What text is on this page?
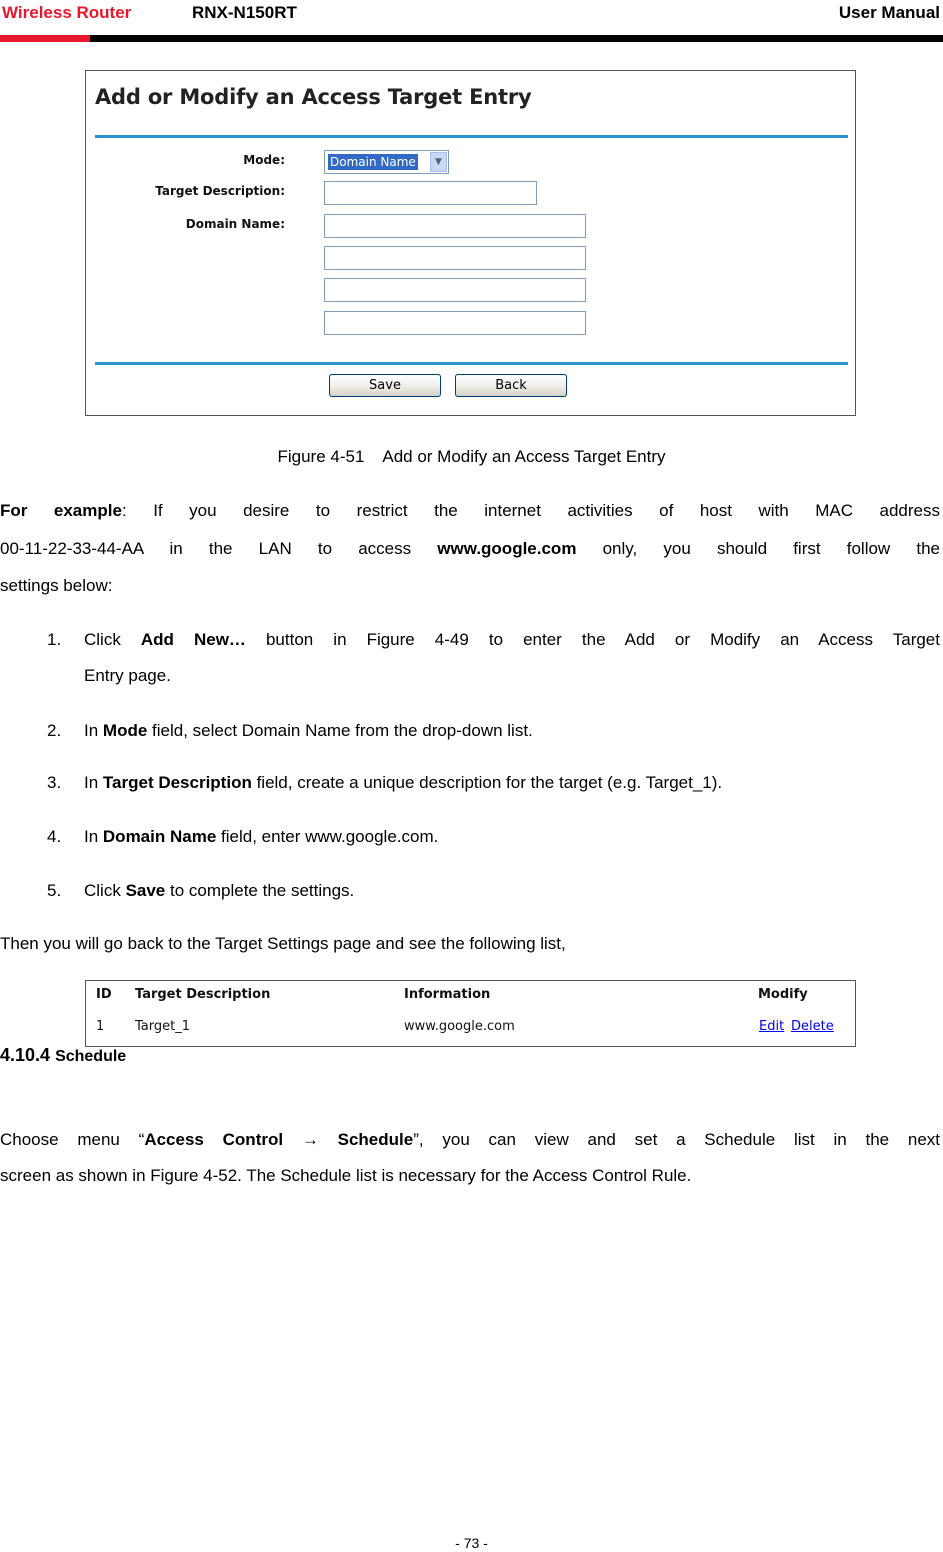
Wireless Router	RNX-N150RT	User Manual
Add or Modify an Access Target Entry
Mode:	Domain Name	▼
Target Description:
Domain Name:
Save	Back
Figure 4-51    Add or Modify an Access Target Entry
For example: If you desire to restrict the internet activities of host with MAC address
00-11-22-33-44-AA in the LAN to access www.google.com only, you should first follow the
settings below:
1. Click Add New… button in Figure 4-49 to enter the Add or Modify an Access Target
Entry page.
2. In Mode field, select Domain Name from the drop-down list.
3. In Target Description field, create a unique description for the target (e.g. Target_1).
4. In Domain Name field, enter www.google.com.
5. Click Save to complete the settings.
Then you will go back to the Target Settings page and see the following list,
ID Target Description	Information	Modify
1 Target_1	www.google.com	Edit Delete
4.10.4 Schedule
Choose menu “Access Control → Schedule”, you can view and set a Schedule list in the next
screen as shown in Figure 4-52. The Schedule list is necessary for the Access Control Rule.
- 73 -
